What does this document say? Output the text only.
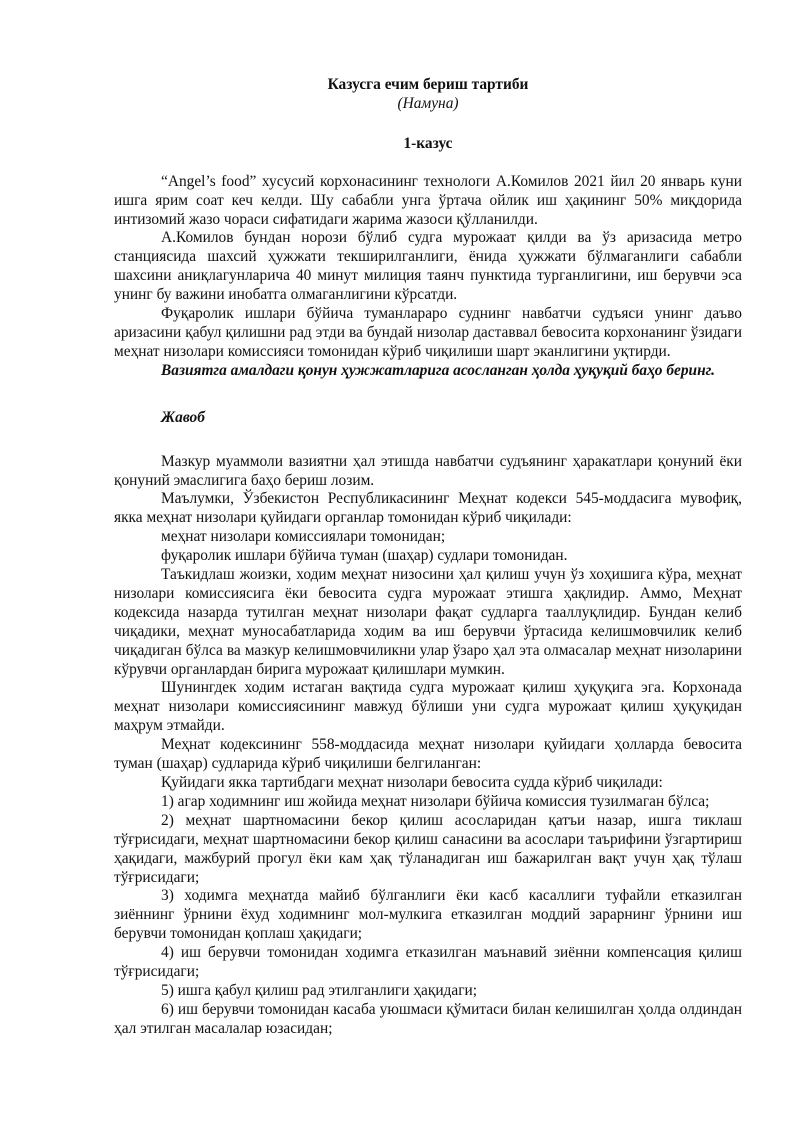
Казусга ечим бериш тартиби

(Намуна)

1-казус

“Angel’s food” хусусий корхонасининг технологи А.Комилов 2021 йил 20 январь куни ишга ярим соат кеч келди. Шу сабабли унга ўртача ойлик иш ҳақининг 50% миқдорида интизомий жазо чораси сифатидаги жарима жазоси қўлланилди.

А.Комилов бундан норози бўлиб судга мурожаат қилди ва ўз аризасида метро станциясида шахсий ҳужжати текширилганлиги, ёнида ҳужжати бўлмаганлиги сабабли шахсини аниқлагунларича 40 минут милиция таянч пунктида турганлигини, иш берувчи эса унинг бу важини инобатга олмаганлигини кўрсатди.

Фуқаролик ишлари бўйича туманлараро суднинг навбатчи судъяси унинг даъво аризасини қабул қилишни рад этди ва бундай низолар даставвал бевосита корхонанинг ўзидаги меҳнат низолари комиссияси томонидан кўриб чиқилиши шарт эканлигини уқтирди.

Вазиятга амалдаги қонун ҳужжатларига асосланган ҳолда ҳуқуқий баҳо беринг.

Жавоб

Мазкур муаммоли вазиятни ҳал этишда навбатчи судъянинг ҳаракатлари қонуний ёки қонуний эмаслигига баҳо бериш лозим.

Маълумки, Ўзбекистон Республикасининг Меҳнат кодекси 545-моддасига мувофиқ, якка меҳнат низолари қуйидаги органлар томонидан кўриб чиқилади:

меҳнат низолари комиссиялари томонидан;

фуқаролик ишлари бўйича туман (шаҳар) судлари томонидан.

Таъкидлаш жоизки, ходим меҳнат низосини ҳал қилиш учун ўз хоҳишига кўра, меҳнат низолари комиссиясига ёки бевосита судга мурожаат этишга ҳақлидир. Аммо, Меҳнат кодексида назарда тутилган меҳнат низолари фақат судларга тааллуқлидир. Бундан келиб чиқадики, меҳнат муносабатларида ходим ва иш берувчи ўртасида келишмовчилик келиб чиқадиган бўлса ва мазкур келишмовчиликни улар ўзаро ҳал эта олмасалар меҳнат низоларини кўрувчи органлардан бирига мурожаат қилишлари мумкин.

Шунингдек ходим истаган вақтида судга мурожаат қилиш ҳуқуқига эга. Корхонада меҳнат низолари комиссиясининг мавжуд бўлиши уни судга мурожаат қилиш ҳуқуқидан маҳрум этмайди.

Меҳнат кодексининг 558-моддасида меҳнат низолари қуйидаги ҳолларда бевосита туман (шаҳар) судларида кўриб чиқилиши белгиланган:

Қуйидаги якка тартибдаги меҳнат низолари бевосита судда кўриб чиқилади:

1) агар ходимнинг иш жойида меҳнат низолари бўйича комиссия тузилмаган бўлса;

2) меҳнат шартномасини бекор қилиш асосларидан қатъи назар, ишга тиклаш тўғрисидаги, меҳнат шартномасини бекор қилиш санасини ва асослари таърифини ўзгартириш ҳақидаги, мажбурий прогул ёки кам ҳақ тўланадиган иш бажарилган вақт учун ҳақ тўлаш тўғрисидаги;

3) ходимга меҳнатда майиб бўлганлиги ёки касб касаллиги туфайли етказилган зиённинг ўрнини ёхуд ходимнинг мол-мулкига етказилган моддий зарарнинг ўрнини иш берувчи томонидан қоплаш ҳақидаги;

4) иш берувчи томонидан ходимга етказилган маънавий зиённи компенсация қилиш тўғрисидаги;

5) ишга қабул қилиш рад этилганлиги ҳақидаги;

6) иш берувчи томонидан касаба уюшмаси қўмитаси билан келишилган ҳолда олдиндан ҳал этилган масалалар юзасидан;
